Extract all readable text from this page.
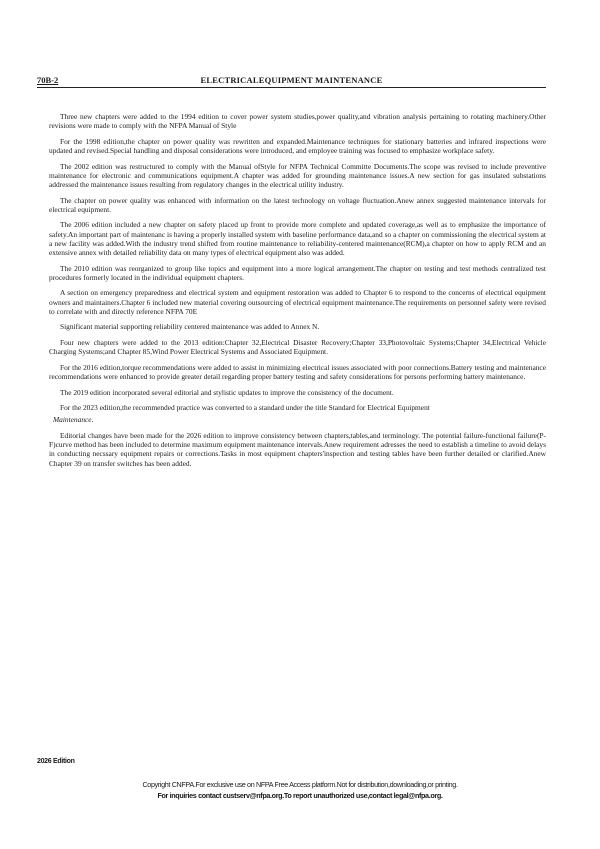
70B-2	ELECTRICALEQUIPMENT MAINTENANCE

Three new chapters were added to the 1994 edition to cover power system studies,power quality,and vibration analysis pertaining to rotating machinery.Other revisions were made to comply with the NFPA Manual of Style

For the 1998 edition,the chapter on power quality was rewritten and expanded.Maintenance techniques for stationary batteries and infrared inspections were updated and revised.Special handling and disposal considerations were introduced, and employee training was focused to emphasize workplace safety.

The 2002 edition was restructured to comply with the Manual ofStyle for NFPA Technical Committe Documents.The scope was revised to include preventive maintenance for electronic and communications equipment.A chapter was added for grounding maintenance issues.A new section for gas insulated substations addressed the maintenance issues resulting from regulatory changes in the electrical utility industry.

The chapter on power quality was enhanced with information on the latest technology on voltage fluctuation.Anew annex suggested maintenance intervals for electrical equipment.

The 2006 edition included a new chapter on safety placed up front to provide more complete and updated coverage,as well as to emphasize the importance of safety.An important part of maintenanc is having a properly installed system with baseline performance data,and so a chapter on commissioning the electrical system at a new facility was added.With the industry trend shifted from routine maintenance to reliability-centered maintenance(RCM),a chapter on how to apply RCM and an extensive annex with detailed reliability data on many types of electrical equipment also was added.

The 2010 edition was reorganized to group like topics and equipment into a more logical arrangement.The chapter on testing and test methods centralized test procedures formerly located in the individual equipment chapters.

A section on emergency preparedness and electrical system and equipment restoration was added to Chapter 6 to respond to the concerns of electrical equipment owners and maintainers.Chapter 6 included new material covering outsourcing of electrical equipment maintenance.The requirements on personnel safety were revised to correlate with and directly reference NFPA 70E

Significant material supporting reliability centered maintenance was added to Annex N.

Four new chapters were added to the 2013 edition:Chapter 32,Electrical Disaster Recovery;Chapter 33,Photovoltaic Systems;Chapter 34,Electrical Vehicle Charging Systems;and Chapter 85,Wind Power Electrical Systems and Associated Equipment.

For the 2016 edition,torque recommendations were added to assist in minimizing electrical issues associated with poor connections.Battery testing and maintenance recommendations were enhanced to provide greater detail regarding proper battery testing and safety considerations for persons performing battery maintenance.

The 2019 edition incorporated several editorial and stylistic updates to improve the consistency of the document.

For the 2023 edition,the recommended practice was converted to a standard under the title Standard for Electrical Equipment

Maintenance.

Editorial changes have been made for the 2026 edition to improve consistency between chapters,tables,and terminology. The potential failure-functional failure(P-F)curve method has been included to determine maximum equipment maintenance intervals.Anew requirement adresses the need to establish a timeline to avoid delays in conducting necssary equipment repairs or corrections.Tasks in most equipment chapters'inspection and testing tables have been further detailed or clarified.Anew Chapter 39 on transfer switches has been added.

2026 Edition
Copyright CNFPA.For exclusive use on NFPA Free Access platform.Not for distribution,downloading,or printing.
For inquiries contact custserv@nfpa.org.To report unauthorized use,contact legal@nfpa.org.
